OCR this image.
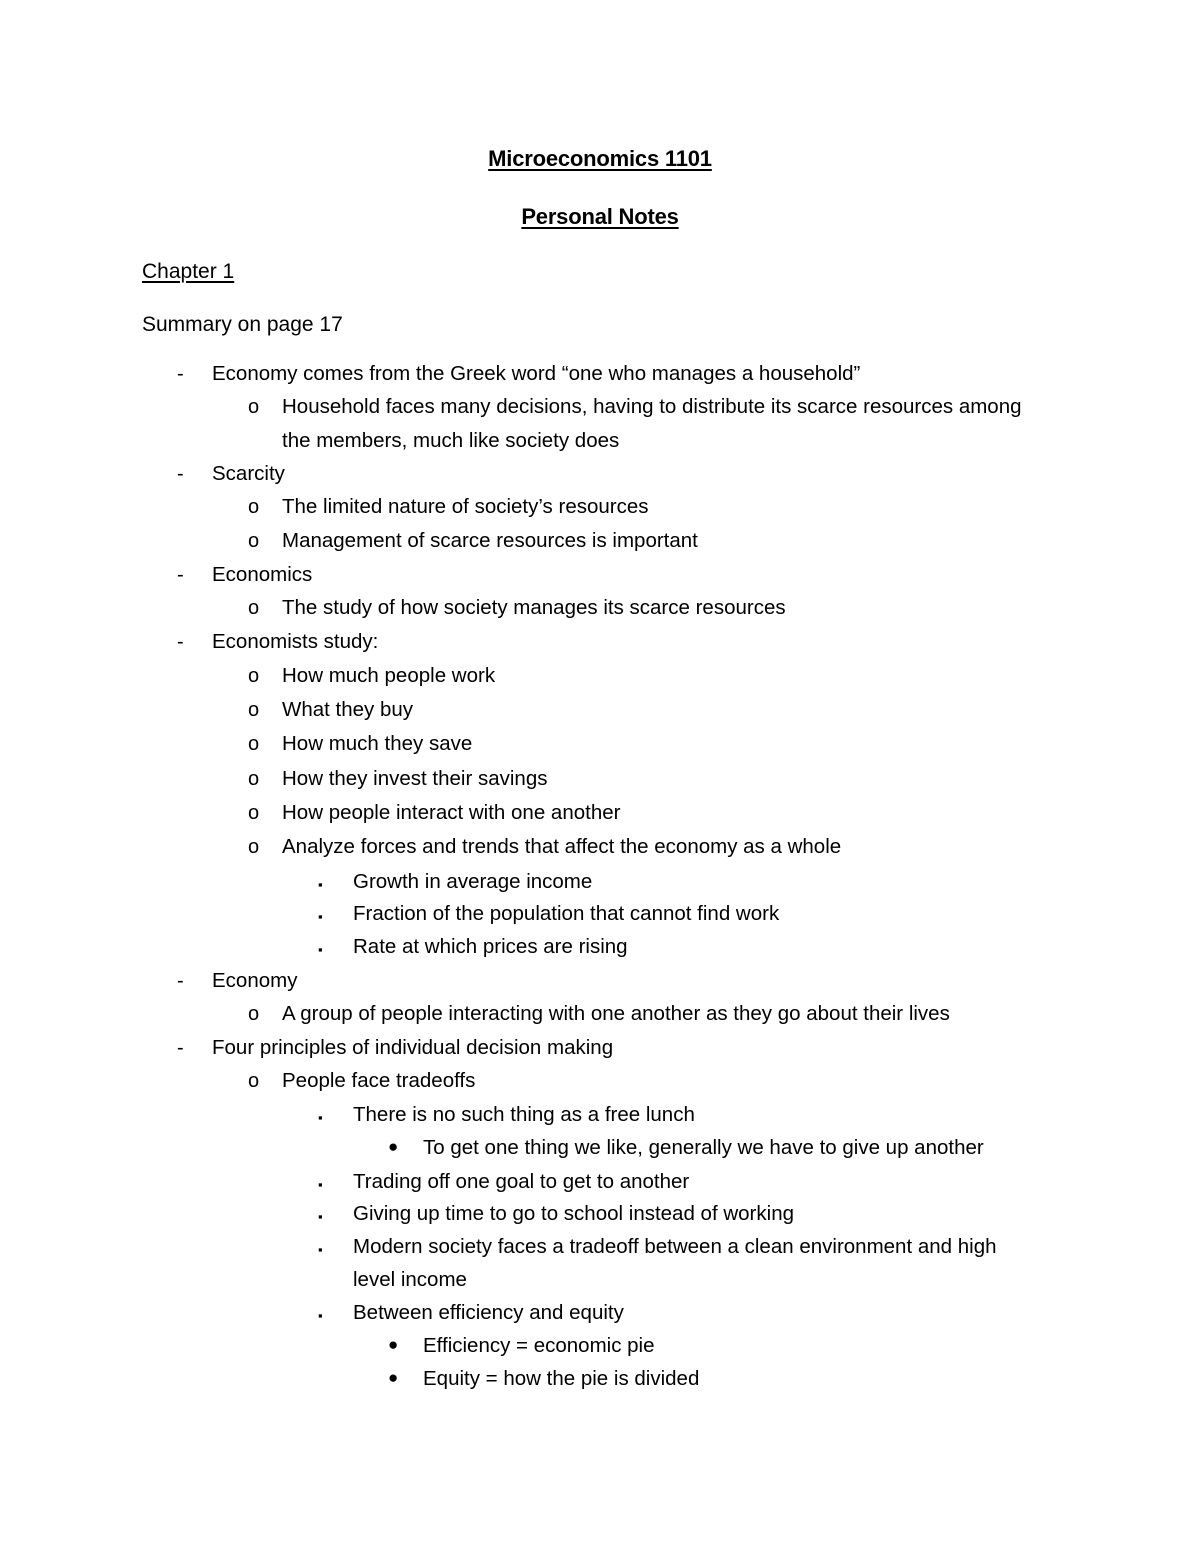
Microeconomics 1101
Personal Notes
Chapter 1
Summary on page 17
- Economy comes from the Greek word “one who manages a household”
o Household faces many decisions, having to distribute its scarce resources among
the members, much like society does
- Scarcity
o The limited nature of society’s resources
o Management of scarce resources is important
- Economics
o The study of how society manages its scarce resources
- Economists study:
o How much people work
o What they buy
o How much they save
o How they invest their savings
o How people interact with one another
o Analyze forces and trends that affect the economy as a whole
▪ Growth in average income
▪ Fraction of the population that cannot find work
▪ Rate at which prices are rising
- Economy
o A group of people interacting with one another as they go about their lives
- Four principles of individual decision making
o People face tradeoffs
▪ There is no such thing as a free lunch
● To get one thing we like, generally we have to give up another
▪ Trading off one goal to get to another
▪ Giving up time to go to school instead of working
▪ Modern society faces a tradeoff between a clean environment and high
level income
▪ Between efficiency and equity
● Efficiency = economic pie
● Equity = how the pie is divided
